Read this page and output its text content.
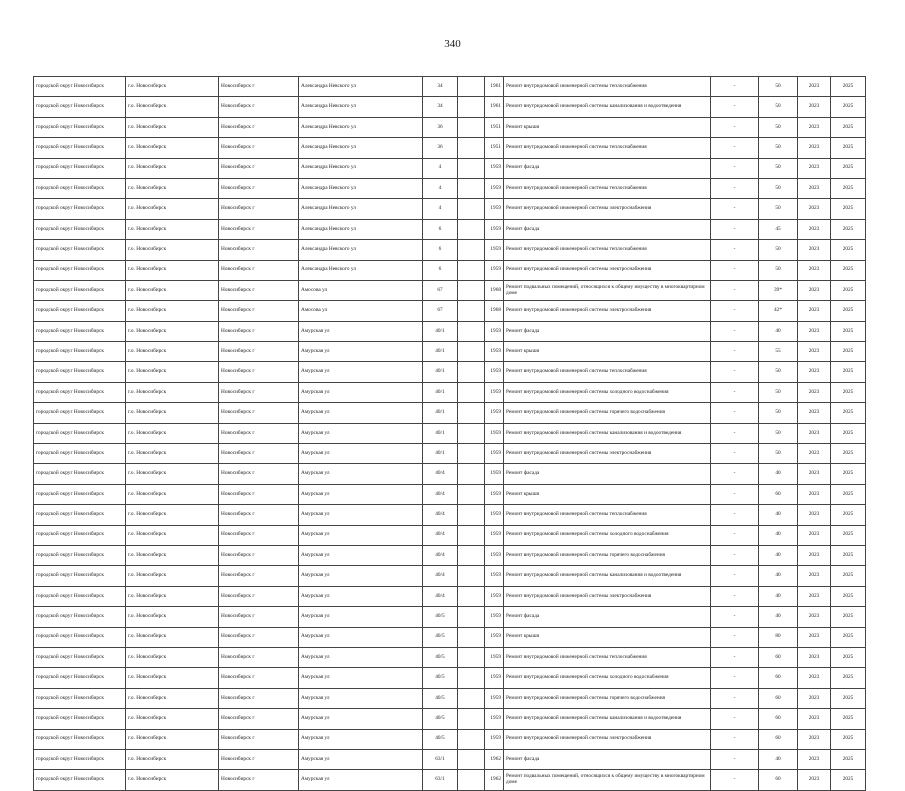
340
городской округ Новосибирск	г.о. Новосибирск	Новосибирск г	Александра Невского ул	34		1961	Ремонт внутридомовой инженерной системы теплоснабжения	-	50	2023	2025
городской округ Новосибирск	г.о. Новосибирск	Новосибирск г	Александра Невского ул	34		1961	Ремонт внутридомовой инженерной системы канализования и водоотведения	-	50	2023	2025
городской округ Новосибирск	г.о. Новосибирск	Новосибирск г	Александра Невского ул	36		1951	Ремонт крыши	-	50	2023	2025
городской округ Новосибирск	г.о. Новосибирск	Новосибирск г	Александра Невского ул	36		1951	Ремонт внутридомовой инженерной системы теплоснабжения	-	50	2023	2025
городской округ Новосибирск	г.о. Новосибирск	Новосибирск г	Александра Невского ул	4		1959	Ремонт фасада	-	50	2023	2025
городской округ Новосибирск	г.о. Новосибирск	Новосибирск г	Александра Невского ул	4		1959	Ремонт внутридомовой инженерной системы теплоснабжения	-	50	2023	2025
городской округ Новосибирск	г.о. Новосибирск	Новосибирск г	Александра Невского ул	4		1959	Ремонт внутридомовой инженерной системы электроснабжения	-	50	2023	2025
городской округ Новосибирск	г.о. Новосибирск	Новосибирск г	Александра Невского ул	6		1959	Ремонт фасада	-	45	2023	2025
городской округ Новосибирск	г.о. Новосибирск	Новосибирск г	Александра Невского ул	6		1959	Ремонт внутридомовой инженерной системы теплоснабжения	-	50	2023	2025
городской округ Новосибирск	г.о. Новосибирск	Новосибирск г	Александра Невского ул	6		1959	Ремонт внутридомовой инженерной системы электроснабжения	-	50	2023	2025
городской округ Новосибирск	г.о. Новосибирск	Новосибирск г	Амосова ул	67		1968	Ремонт подвальных помещений, относящихся к общему имуществу в многоквартирном доме	-	39*	2023	2025
городской округ Новосибирск	г.о. Новосибирск	Новосибирск г	Амосова ул	67		1968	Ремонт внутридомовой инженерной системы электроснабжения	-	42*	2023	2025
городской округ Новосибирск	г.о. Новосибирск	Новосибирск г	Амурская ул	40/1		1959	Ремонт фасада	-	40	2023	2025
городской округ Новосибирск	г.о. Новосибирск	Новосибирск г	Амурская ул	40/1		1959	Ремонт крыши	-	55	2023	2025
городской округ Новосибирск	г.о. Новосибирск	Новосибирск г	Амурская ул	40/1		1959	Ремонт внутридомовой инженерной системы теплоснабжения	-	50	2023	2025
городской округ Новосибирск	г.о. Новосибирск	Новосибирск г	Амурская ул	40/1		1959	Ремонт внутридомовой инженерной системы холодного водоснабжения	-	50	2023	2025
городской округ Новосибирск	г.о. Новосибирск	Новосибирск г	Амурская ул	40/1		1959	Ремонт внутридомовой инженерной системы горячего водоснабжения	-	50	2023	2025
городской округ Новосибирск	г.о. Новосибирск	Новосибирск г	Амурская ул	40/1		1959	Ремонт внутридомовой инженерной системы канализования и водоотведения	-	50	2023	2025
городской округ Новосибирск	г.о. Новосибирск	Новосибирск г	Амурская ул	40/1		1959	Ремонт внутридомовой инженерной системы электроснабжения	-	50	2023	2025
городской округ Новосибирск	г.о. Новосибирск	Новосибирск г	Амурская ул	40/4		1959	Ремонт фасада	-	40	2023	2025
городской округ Новосибирск	г.о. Новосибирск	Новосибирск г	Амурская ул	40/4		1959	Ремонт крыши	-	60	2023	2025
городской округ Новосибирск	г.о. Новосибирск	Новосибирск г	Амурская ул	40/4		1959	Ремонт внутридомовой инженерной системы теплоснабжения	-	40	2023	2025
городской округ Новосибирск	г.о. Новосибирск	Новосибирск г	Амурская ул	40/4		1959	Ремонт внутридомовой инженерной системы холодного водоснабжения	-	40	2023	2025
городской округ Новосибирск	г.о. Новосибирск	Новосибирск г	Амурская ул	40/4		1959	Ремонт внутридомовой инженерной системы горячего водоснабжения	-	40	2023	2025
городской округ Новосибирск	г.о. Новосибирск	Новосибирск г	Амурская ул	40/4		1959	Ремонт внутридомовой инженерной системы канализования и водоотведения	-	40	2023	2025
городской округ Новосибирск	г.о. Новосибирск	Новосибирск г	Амурская ул	40/4		1959	Ремонт внутридомовой инженерной системы электроснабжения	-	40	2023	2025
городской округ Новосибирск	г.о. Новосибирск	Новосибирск г	Амурская ул	40/5		1959	Ремонт фасада	-	40	2023	2025
городской округ Новосибирск	г.о. Новосибирск	Новосибирск г	Амурская ул	40/5		1959	Ремонт крыши	-	80	2023	2025
городской округ Новосибирск	г.о. Новосибирск	Новосибирск г	Амурская ул	40/5		1959	Ремонт внутридомовой инженерной системы теплоснабжения	-	60	2023	2025
городской округ Новосибирск	г.о. Новосибирск	Новосибирск г	Амурская ул	40/5		1959	Ремонт внутридомовой инженерной системы холодного водоснабжения	-	60	2023	2025
городской округ Новосибирск	г.о. Новосибирск	Новосибирск г	Амурская ул	40/5		1959	Ремонт внутридомовой инженерной системы горячего водоснабжения	-	60	2023	2025
городской округ Новосибирск	г.о. Новосибирск	Новосибирск г	Амурская ул	40/5		1959	Ремонт внутридомовой инженерной системы канализования и водоотведения	-	60	2023	2025
городской округ Новосибирск	г.о. Новосибирск	Новосибирск г	Амурская ул	40/5		1959	Ремонт внутридомовой инженерной системы электроснабжения	-	60	2023	2025
городской округ Новосибирск	г.о. Новосибирск	Новосибирск г	Амурская ул	63/1		1962	Ремонт фасада	-	40	2023	2025
городской округ Новосибирск	г.о. Новосибирск	Новосибирск г	Амурская ул	63/1		1962	Ремонт подвальных помещений, относящихся к общему имуществу в многоквартирном доме	-	60	2023	2025
